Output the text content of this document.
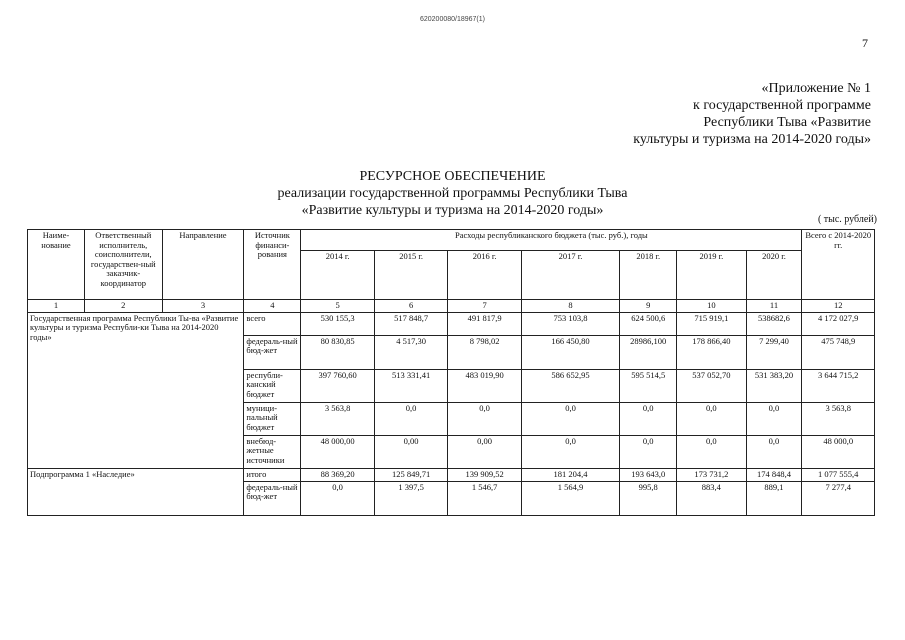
620200080/18967(1)
7
«Приложение № 1
к государственной программе
Республики Тыва «Развитие
культуры и туризма на 2014-2020 годы»
РЕСУРСНОЕ ОБЕСПЕЧЕНИЕ
реализации государственной программы Республики Тыва
«Развитие культуры и туризма на 2014-2020 годы»
( тыс. рублей)
Наиме-нование	Ответственный исполнитель, соисполнители, государствен-ный заказчик-координатор	Направление	Источник финанси-рования	Расходы республиканского бюджета (тыс. руб.), годы							Всего с 2014-2020 гг.
				2014 г.	2015 г.	2016 г.	2017 г.	2018 г.	2019 г.	2020 г.	
1	2	3	4	5	6	7	8	9	10	11	12
Государственная программа Республики Ты-ва «Развитие культуры и туризма Республи-ки Тыва на 2014-2020 годы»			всего	530 155,3	517 848,7	491 817,9	753 103,8	624 500,6	715 919,1	538682,6	4 172 027,9
			федераль-ный бюд-жет	80 830,85	4 517,30	8 798,02	166 450,80	28986,100	178 866,40	7 299,40	475 748,9
			республи-канский бюджет	397 760,60	513 331,41	483 019,90	586 652,95	595 514,5	537 052,70	531 383,20	3 644 715,2
			муници-пальный бюджет	3 563,8	0,0	0,0	0,0	0,0	0,0	0,0	3 563,8
			внебюд-жетные источники	48 000,00	0,00	0,00	0,0	0,0	0,0	0,0	48 000,0
Подпрограмма 1 «Наследие»			итого	88 369,20	125 849,71	139 909,52	181 204,4	193 643,0	173 731,2	174 848,4	1 077 555,4
			федераль-ный бюд-жет	0,0	1 397,5	1 546,7	1 564,9	995,8	883,4	889,1	7 277,4
